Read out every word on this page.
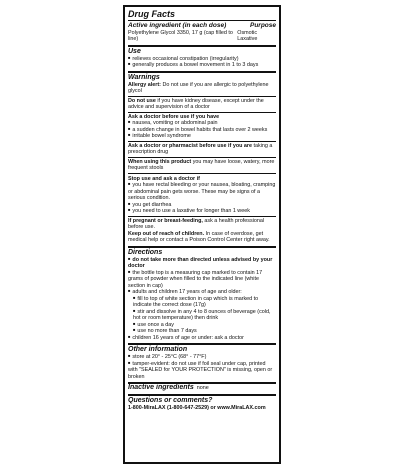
Drug Facts
Active ingredient (in each dose)	Purpose
Polyethylene Glycol 3350, 17 g (cap filled to line)
Osmotic Laxative
Use
■ relieves occasional constipation (irregularity)
■ generally produces a bowel movement in 1 to 3 days
Warnings
Allergy alert: Do not use if you are allergic to polyethylene glycol
Do not use if you have kidney disease, except under the advice and supervision of a doctor
Ask a doctor before use if you have
■ nausea, vomiting or abdominal pain
■ a sudden change in bowel habits that lasts over 2 weeks
■ irritable bowel syndrome
Ask a doctor or pharmacist before use if you are taking a prescription drug
When using this product you may have loose, watery, more frequent stools
Stop use and ask a doctor if
■ you have rectal bleeding or your nausea, bloating, cramping or abdominal pain gets worse. These may be signs of a serious condition.
■ you get diarrhea
■ you need to use a laxative for longer than 1 week
If pregnant or breast-feeding, ask a health professional before use.
Keep out of reach of children. In case of overdose, get medical help or contact a Poison Control Center right away.
Directions
■ do not take more than directed unless advised by your doctor
■ the bottle top is a measuring cap marked to contain 17 grams of powder when filled to the indicated line (white section in cap)
■ adults and children 17 years of age and older:
■ fill to top of white section in cap which is marked to indicate the correct dose (17g)
■ stir and dissolve in any 4 to 8 ounces of beverage (cold, hot or room temperature) then drink
■ use once a day
■ use no more than 7 days
■ children 16 years of age or under: ask a doctor
Other information
■ store at 20° - 25°C (68° - 77°F)
■ tamper-evident: do not use if foil seal under cap, printed with "SEALED for YOUR PROTECTION" is missing, open or broken
Inactive ingredients none
Questions or comments?
1-800-MiraLAX (1-800-647-2529) or www.MiraLAX.com
